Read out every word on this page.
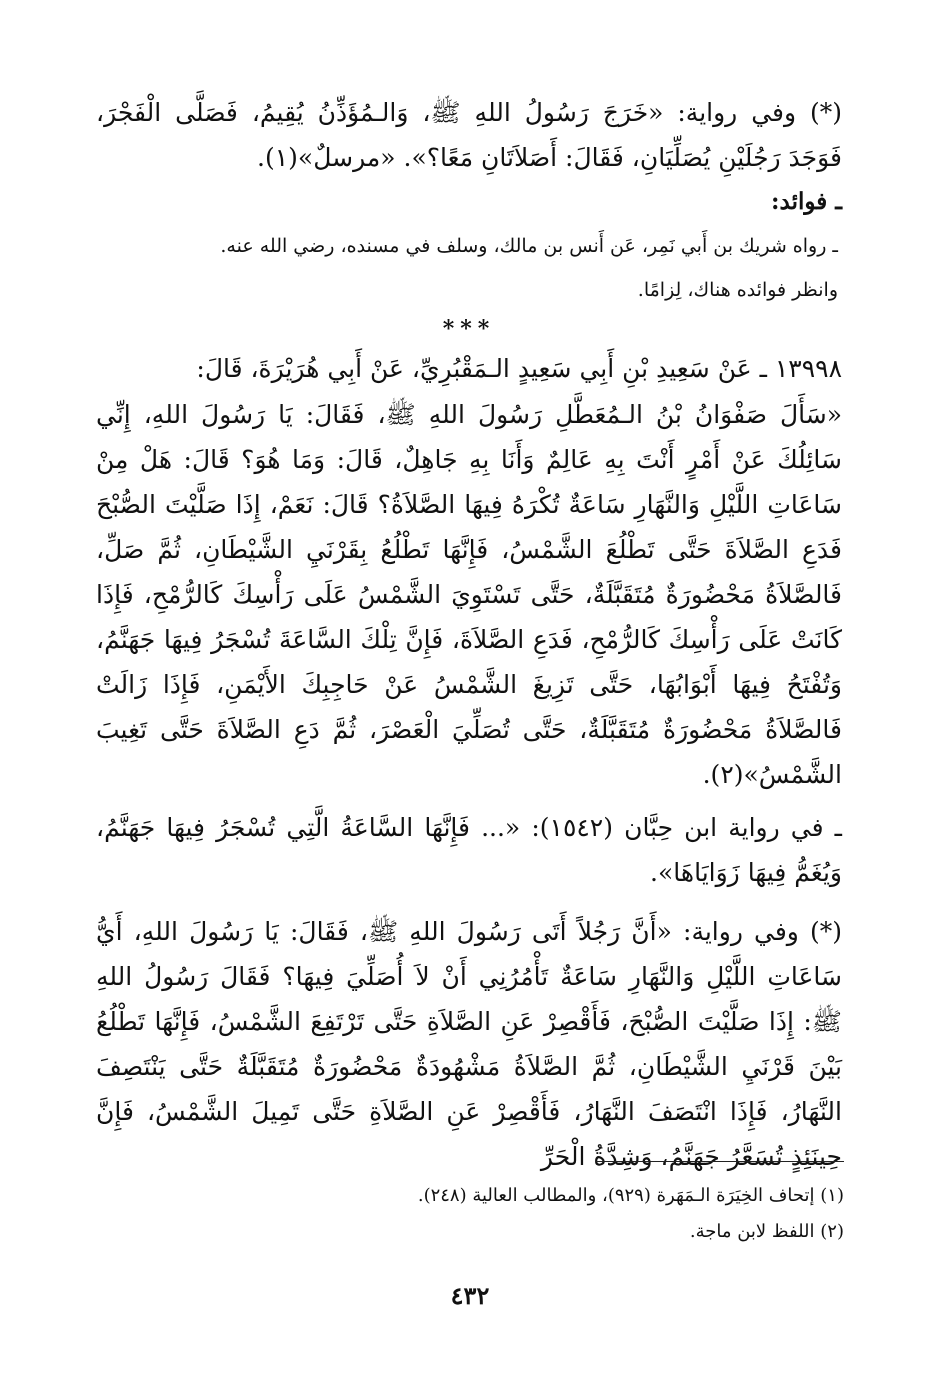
(*) وفي رواية: «خَرَجَ رَسُولُ اللهِ ﷺ، وَالـمُؤَذِّنُ يُقِيمُ، فَصَلَّى الْفَجْرَ، فَوَجَدَ رَجُلَيْنِ يُصَلِّيَانِ، فَقَالَ: أَصَلاَتَانِ مَعًا؟». «مرسلٌ»(١).

ـ فوائد:

ـ رواه شريك بن أَبي نَمِر، عَن أَنس بن مالك، وسلف في مسنده، رضي الله عنه.

وانظر فوائده هناك، لِزامًا.

***

١٣٩٩٨ ـ عَنْ سَعِيدِ بْنِ أَبِي سَعِيدٍ الـمَقْبُرِيِّ، عَنْ أَبِي هُرَيْرَةَ، قَالَ:

«سَأَلَ صَفْوَانُ بْنُ الـمُعَطَّلِ رَسُولَ اللهِ ﷺ، فَقَالَ: يَا رَسُولَ اللهِ، إِنِّي سَائِلُكَ عَنْ أَمْرٍ أَنْتَ بِهِ عَالِمٌ وَأَنَا بِهِ جَاهِلٌ، قَالَ: وَمَا هُوَ؟ قَالَ: هَلْ مِنْ سَاعَاتِ اللَّيْلِ وَالنَّهَارِ سَاعَةٌ تُكْرَهُ فِيهَا الصَّلاَةُ؟ قَالَ: نَعَمْ، إِذَا صَلَّيْتَ الصُّبْحَ فَدَعِ الصَّلاَةَ حَتَّى تَطْلُعَ الشَّمْسُ، فَإِنَّهَا تَطْلُعُ بِقَرْنَيِ الشَّيْطَانِ، ثُمَّ صَلِّ، فَالصَّلاَةُ مَحْضُورَةٌ مُتَقَبَّلَةٌ، حَتَّى تَسْتَوِيَ الشَّمْسُ عَلَى رَأْسِكَ كَالرُّمْحِ، فَإِذَا كَانَتْ عَلَى رَأْسِكَ كَالرُّمْحِ، فَدَعِ الصَّلاَةَ، فَإِنَّ تِلْكَ السَّاعَةَ تُسْجَرُ فِيهَا جَهَنَّمُ، وَتُفْتَحُ فِيهَا أَبْوَابُهَا، حَتَّى تَزِيغَ الشَّمْسُ عَنْ حَاجِبِكَ الأَيْمَنِ، فَإِذَا زَالَتْ فَالصَّلاَةُ مَحْضُورَةٌ مُتَقَبَّلَةٌ، حَتَّى تُصَلِّيَ الْعَصْرَ، ثُمَّ دَعِ الصَّلاَةَ حَتَّى تَغِيبَ الشَّمْسُ»(٢).

ـ في رواية ابن حِبَّان (١٥٤٢): «... فَإِنَّهَا السَّاعَةُ الَّتِي تُسْجَرُ فِيهَا جَهَنَّمُ، وَيُغَمُّ فِيهَا زَوَايَاهَا».

(*) وفي رواية: «أَنَّ رَجُلاً أَتَى رَسُولَ اللهِ ﷺ، فَقَالَ: يَا رَسُولَ اللهِ، أَيُّ سَاعَاتِ اللَّيْلِ وَالنَّهَارِ سَاعَةٌ تَأْمُرُنِي أَنْ لاَ أُصَلِّيَ فِيهَا؟ فَقَالَ رَسُولُ اللهِ ﷺ: إِذَا صَلَّيْتَ الصُّبْحَ، فَأَقْصِرْ عَنِ الصَّلاَةِ حَتَّى تَرْتَفِعَ الشَّمْسُ، فَإِنَّهَا تَطْلُعُ بَيْنَ قَرْنَيِ الشَّيْطَانِ، ثُمَّ الصَّلاَةُ مَشْهُودَةٌ مَحْضُورَةٌ مُتَقَبَّلَةٌ حَتَّى يَنْتَصِفَ النَّهَارُ، فَإِذَا انْتَصَفَ النَّهَارُ، فَأَقْصِرْ عَنِ الصَّلاَةِ حَتَّى تَمِيلَ الشَّمْسُ، فَإِنَّ حِينَئِذٍ تُسَعَّرُ جَهَنَّمُ، وَشِدَّةُ الْحَرِّ

(١) إتحاف الخِيَرَة الـمَهَرة (٩٢٩)، والمطالب العالية (٢٤٨).

(٢) اللفظ لابن ماجة.

٤٣٢
